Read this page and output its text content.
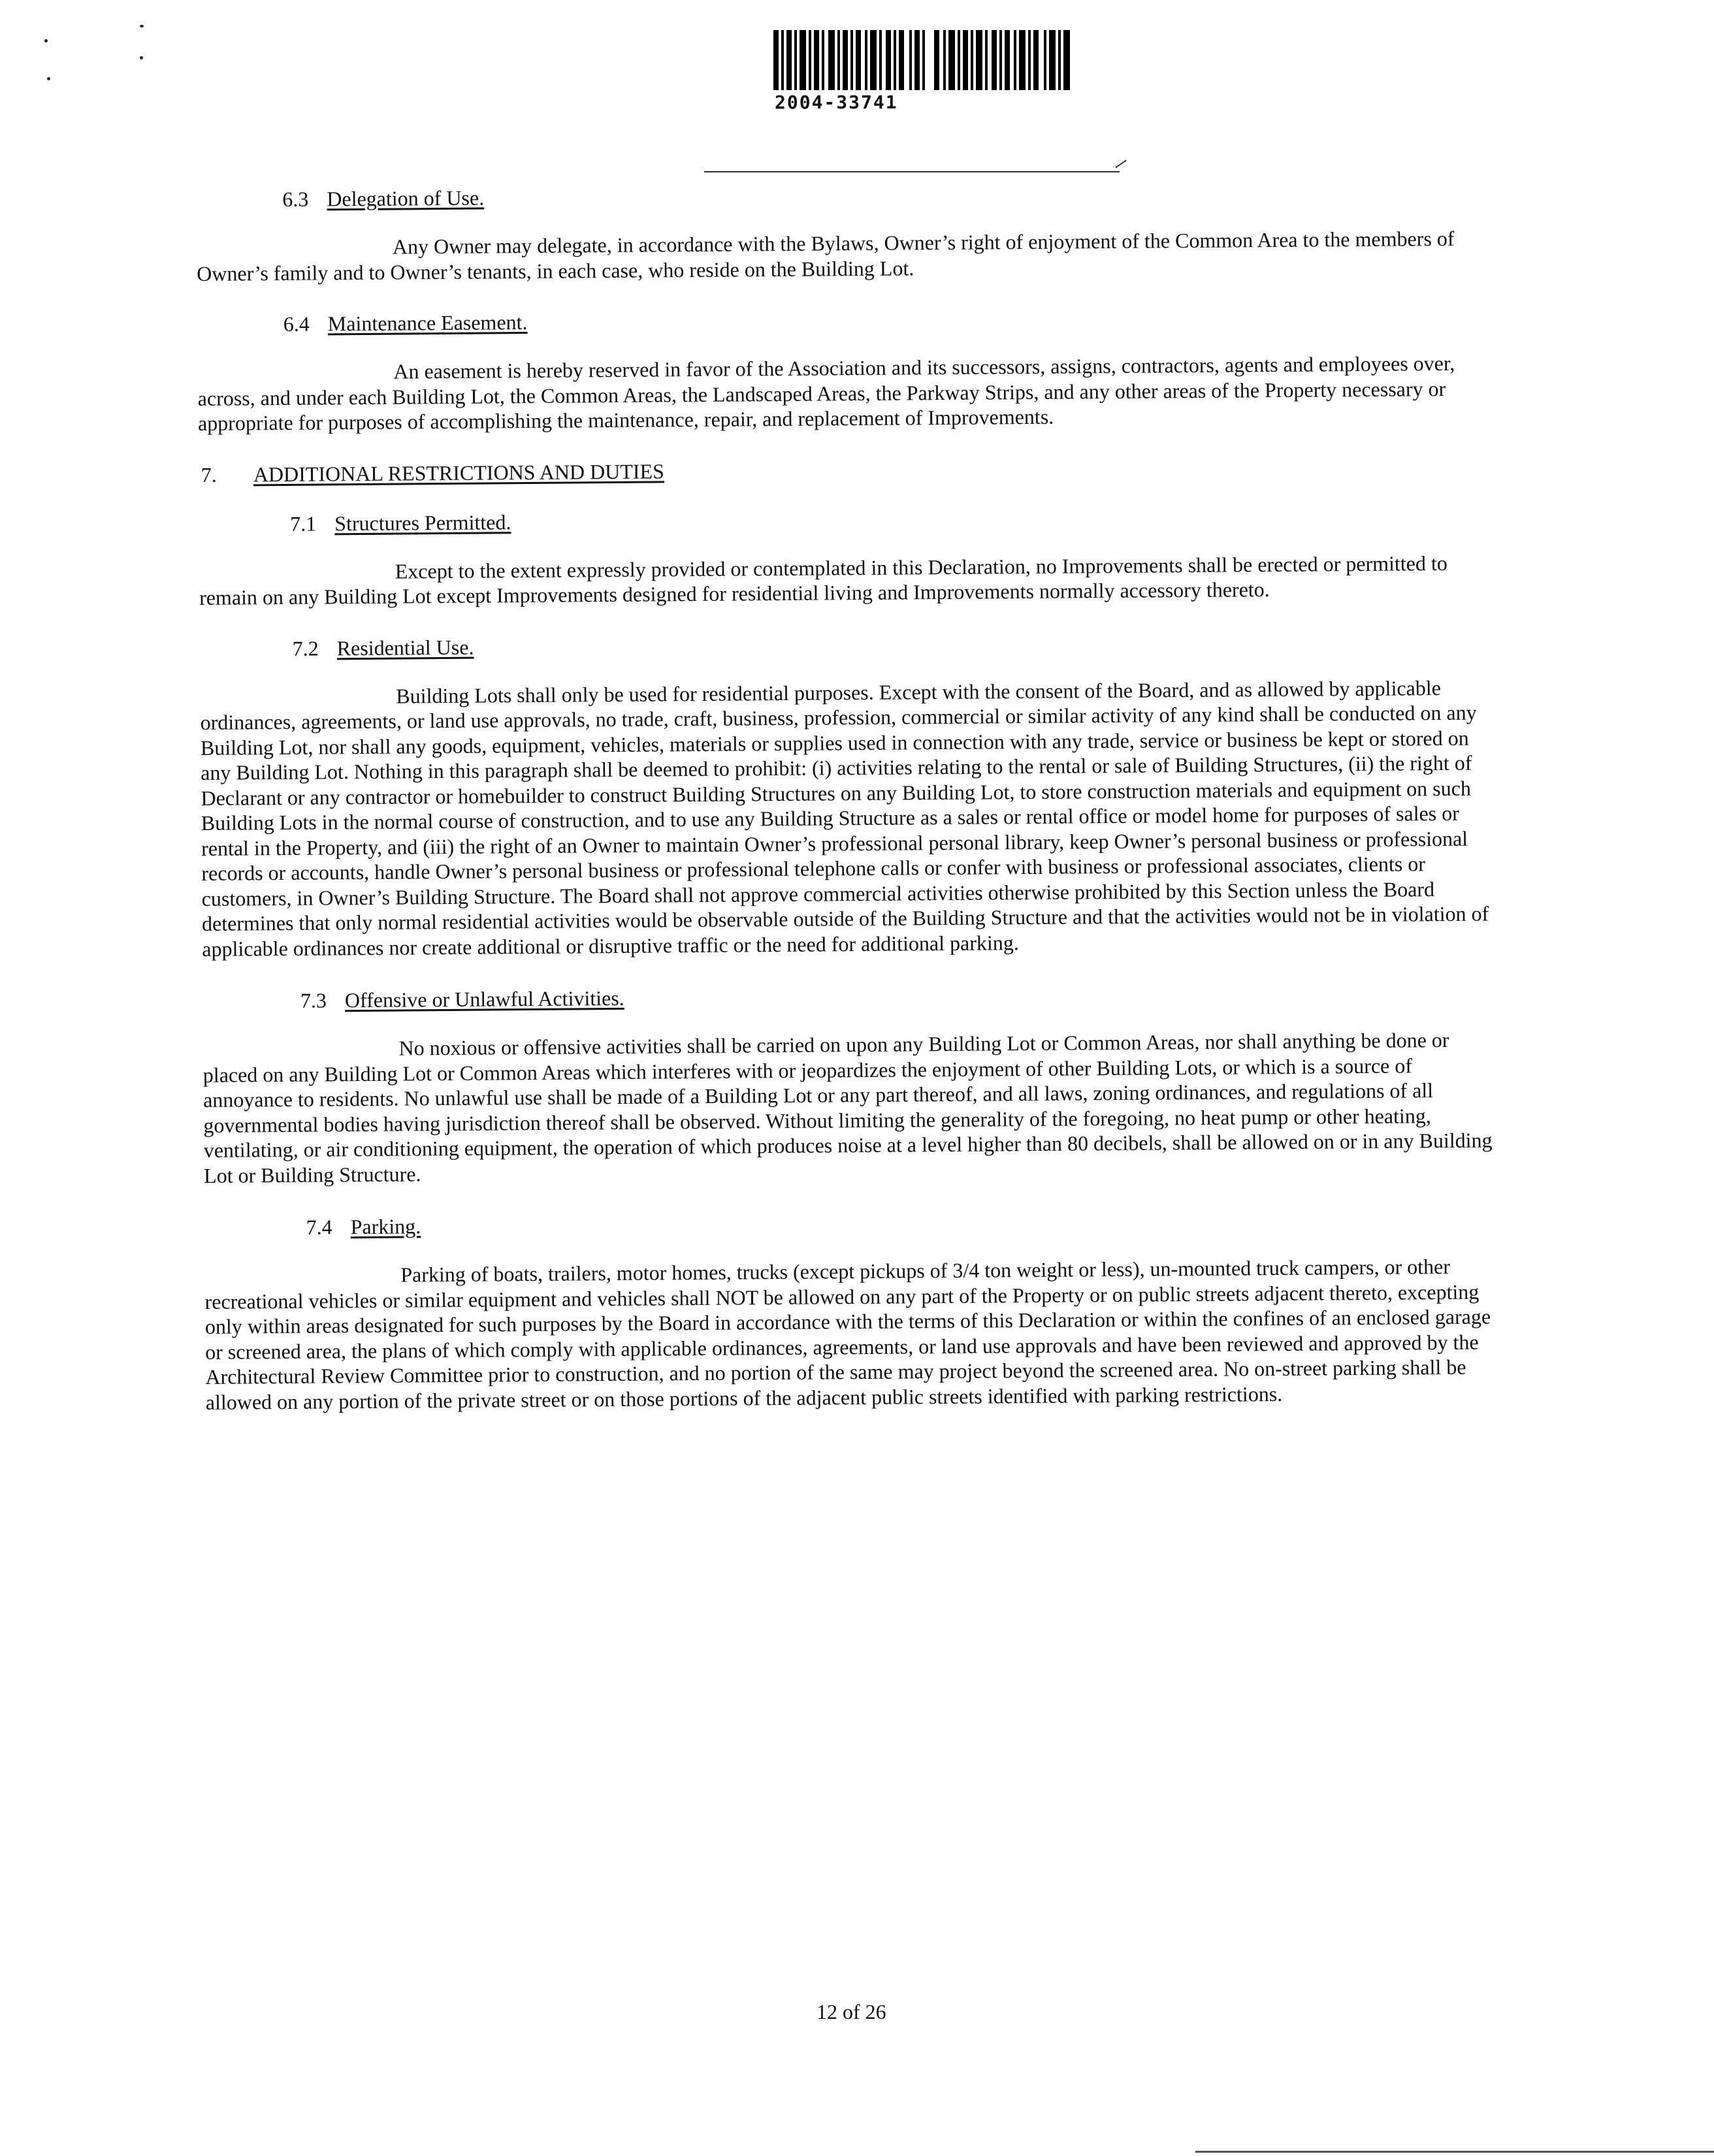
2004-33741
6.3 Delegation of Use.
Any Owner may delegate, in accordance with the Bylaws, Owner’s right of enjoyment of the Common Area to the members of Owner’s family and to Owner’s tenants, in each case, who reside on the Building Lot.
6.4 Maintenance Easement.
An easement is hereby reserved in favor of the Association and its successors, assigns, contractors, agents and employees over, across, and under each Building Lot, the Common Areas, the Landscaped Areas, the Parkway Strips, and any other areas of the Property necessary or appropriate for purposes of accomplishing the maintenance, repair, and replacement of Improvements.
7. ADDITIONAL RESTRICTIONS AND DUTIES
7.1 Structures Permitted.
Except to the extent expressly provided or contemplated in this Declaration, no Improvements shall be erected or permitted to remain on any Building Lot except Improvements designed for residential living and Improvements normally accessory thereto.
7.2 Residential Use.
Building Lots shall only be used for residential purposes. Except with the consent of the Board, and as allowed by applicable ordinances, agreements, or land use approvals, no trade, craft, business, profession, commercial or similar activity of any kind shall be conducted on any Building Lot, nor shall any goods, equipment, vehicles, materials or supplies used in connection with any trade, service or business be kept or stored on any Building Lot. Nothing in this paragraph shall be deemed to prohibit: (i) activities relating to the rental or sale of Building Structures, (ii) the right of Declarant or any contractor or homebuilder to construct Building Structures on any Building Lot, to store construction materials and equipment on such Building Lots in the normal course of construction, and to use any Building Structure as a sales or rental office or model home for purposes of sales or rental in the Property, and (iii) the right of an Owner to maintain Owner’s professional personal library, keep Owner’s personal business or professional records or accounts, handle Owner’s personal business or professional telephone calls or confer with business or professional associates, clients or customers, in Owner’s Building Structure. The Board shall not approve commercial activities otherwise prohibited by this Section unless the Board determines that only normal residential activities would be observable outside of the Building Structure and that the activities would not be in violation of applicable ordinances nor create additional or disruptive traffic or the need for additional parking.
7.3 Offensive or Unlawful Activities.
No noxious or offensive activities shall be carried on upon any Building Lot or Common Areas, nor shall anything be done or placed on any Building Lot or Common Areas which interferes with or jeopardizes the enjoyment of other Building Lots, or which is a source of annoyance to residents. No unlawful use shall be made of a Building Lot or any part thereof, and all laws, zoning ordinances, and regulations of all governmental bodies having jurisdiction thereof shall be observed. Without limiting the generality of the foregoing, no heat pump or other heating, ventilating, or air conditioning equipment, the operation of which produces noise at a level higher than 80 decibels, shall be allowed on or in any Building Lot or Building Structure.
7.4 Parking.
Parking of boats, trailers, motor homes, trucks (except pickups of 3/4 ton weight or less), un-mounted truck campers, or other recreational vehicles or similar equipment and vehicles shall NOT be allowed on any part of the Property or on public streets adjacent thereto, excepting only within areas designated for such purposes by the Board in accordance with the terms of this Declaration or within the confines of an enclosed garage or screened area, the plans of which comply with applicable ordinances, agreements, or land use approvals and have been reviewed and approved by the Architectural Review Committee prior to construction, and no portion of the same may project beyond the screened area. No on-street parking shall be allowed on any portion of the private street or on those portions of the adjacent public streets identified with parking restrictions.
12 of 26
